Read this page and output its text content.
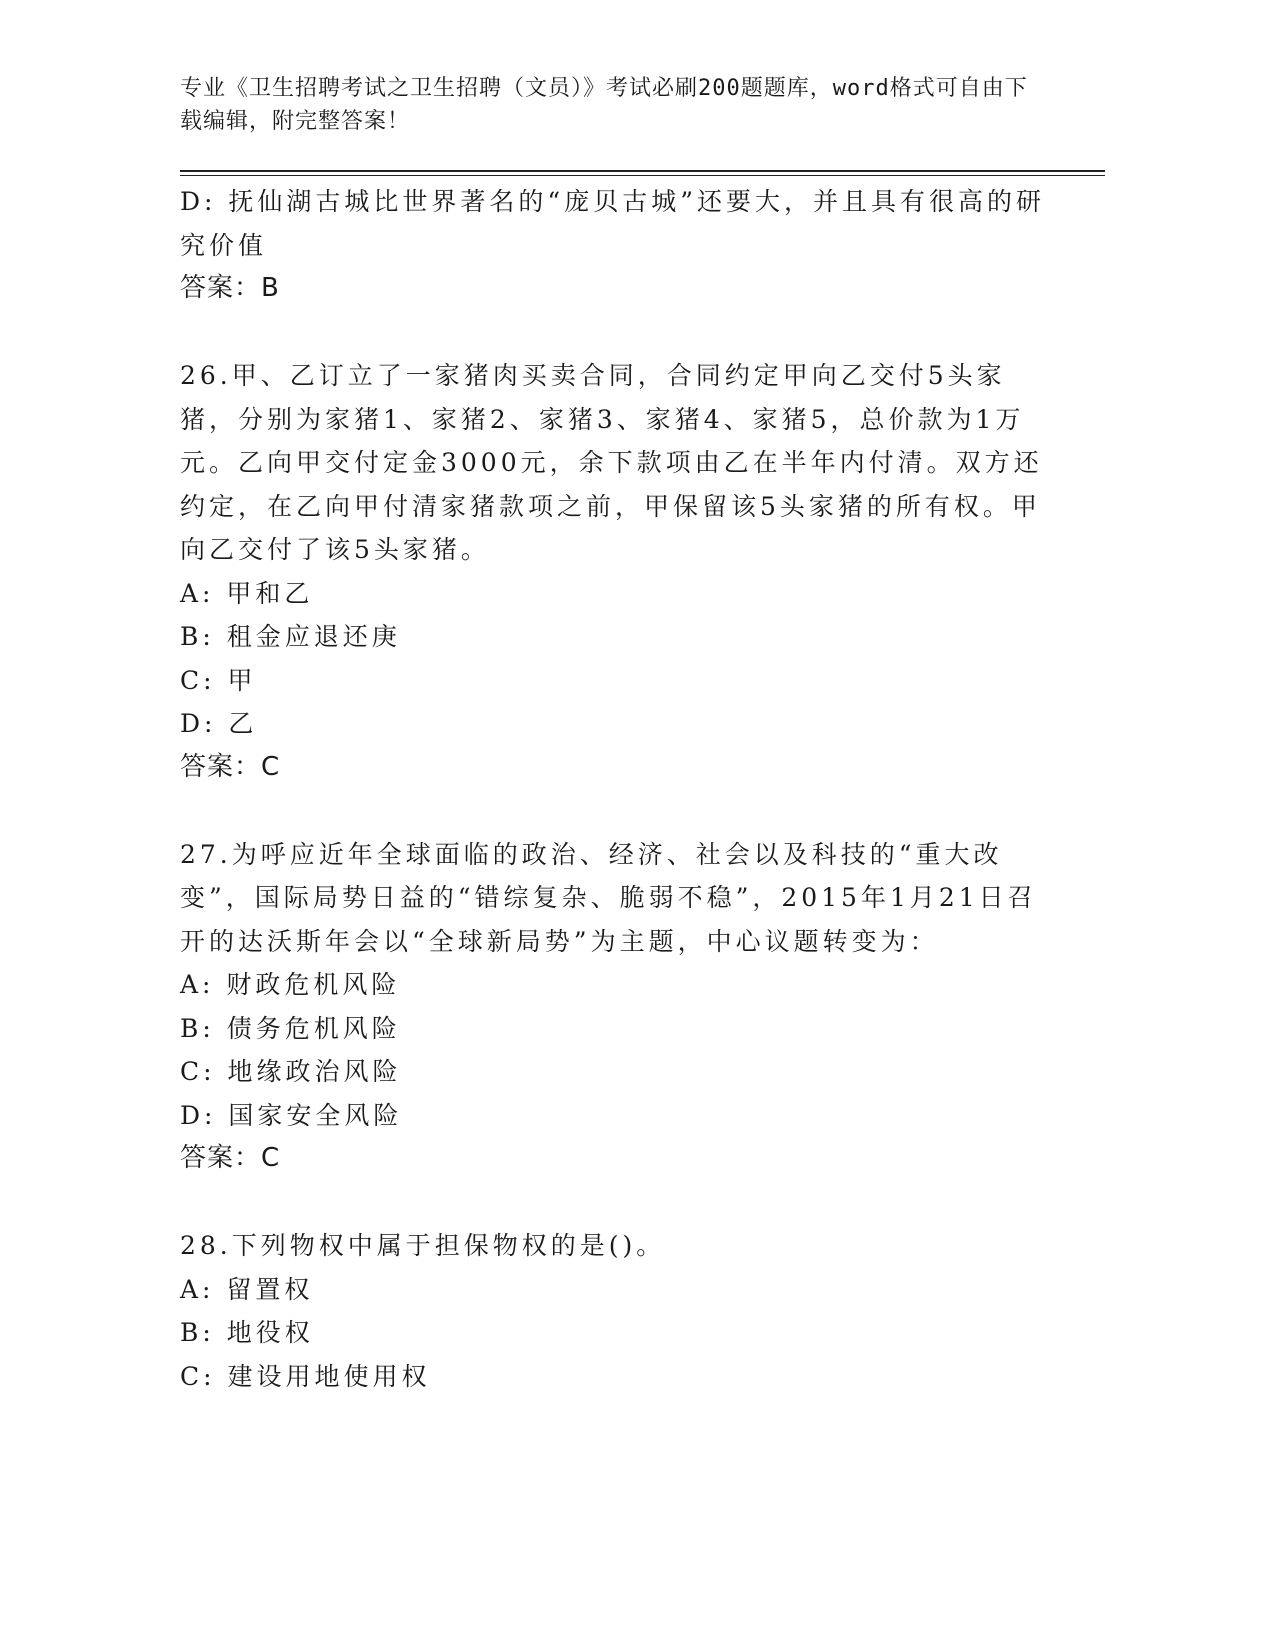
专业《卫生招聘考试之卫生招聘（文员）》考试必刷200题题库，word格式可自由下载编辑，附完整答案！
D: 抚仙湖古城比世界著名的“庞贝古城”还要大，并且具有很高的研究价值
答案：B
26.甲、乙订立了一家猪肉买卖合同，合同约定甲向乙交付5头家猪，分别为家猪1、家猪2、家猪3、家猪4、家猪5，总价款为1万元。乙向甲交付定金3000元，余下款项由乙在半年内付清。双方还约定，在乙向甲付清家猪款项之前，甲保留该5头家猪的所有权。甲向乙交付了该5头家猪。
A: 甲和乙
B: 租金应退还庚
C: 甲
D: 乙
答案：C
27.为呼应近年全球面临的政治、经济、社会以及科技的“重大改变”，国际局势日益的“错综复杂、脆弱不稳”，2015年1月21日召开的达沃斯年会以“全球新局势”为主题，中心议题转变为：
A: 财政危机风险
B: 债务危机风险
C: 地缘政治风险
D: 国家安全风险
答案：C
28.下列物权中属于担保物权的是()。
A: 留置权
B: 地役权
C: 建设用地使用权
